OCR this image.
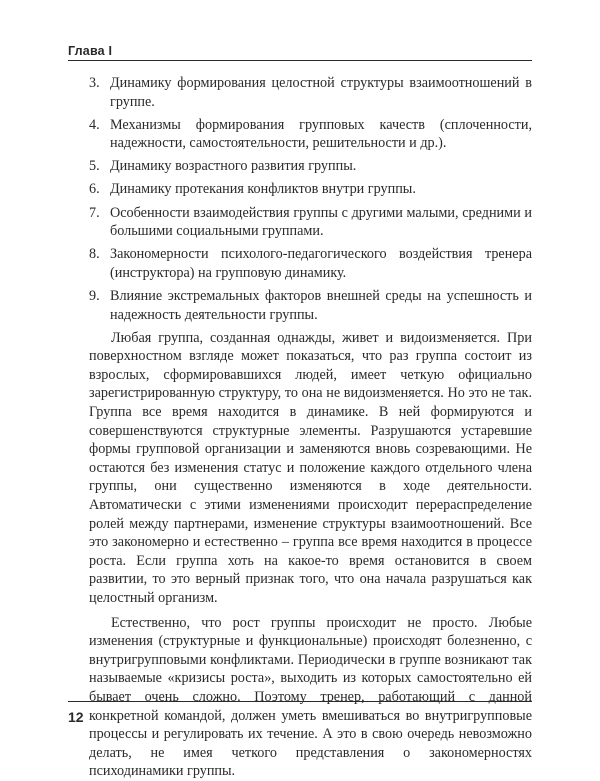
Глава I
3. Динамику формирования целостной структуры взаимоотношений в группе.
4. Механизмы формирования групповых качеств (сплоченности, надежности, самостоятельности, решительности и др.).
5. Динамику возрастного развития группы.
6. Динамику протекания конфликтов внутри группы.
7. Особенности взаимодействия группы с другими малыми, средними и большими социальными группами.
8. Закономерности психолого-педагогического воздействия тренера (инструктора) на групповую динамику.
9. Влияние экстремальных факторов внешней среды на успешность и надежность деятельности группы.

Любая группа, созданная однажды, живет и видоизменяется. При поверхностном взгляде может показаться, что раз группа состоит из взрослых, сформировавшихся людей, имеет четкую официально зарегистрированную структуру, то она не видоизменяется. Но это не так. Группа все время находится в динамике. В ней формируются и совершенствуются структурные элементы. Разрушаются устаревшие формы групповой организации и заменяются вновь созревающими. Не остаются без изменения статус и положение каждого отдельного члена группы, они существенно изменяются в ходе деятельности. Автоматически с этими изменениями происходит перераспределение ролей между партнерами, изменение структуры взаимоотношений. Все это закономерно и естественно – группа все время находится в процессе роста. Если группа хоть на какое-то время остановится в своем развитии, то это верный признак того, что она начала разрушаться как целостный организм.

Естественно, что рост группы происходит не просто. Любые изменения (структурные и функциональные) происходят болезненно, с внутригрупповыми конфликтами. Периодически в группе возникают так называемые «кризисы роста», выходить из которых самостоятельно ей бывает очень сложно. Поэтому тренер, работающий с данной конкретной командой, должен уметь вмешиваться во внутригрупповые процессы и регулировать их течение. А это в свою очередь невозможно делать, не имея четкого представления о закономерностях психодинамики группы.

12
